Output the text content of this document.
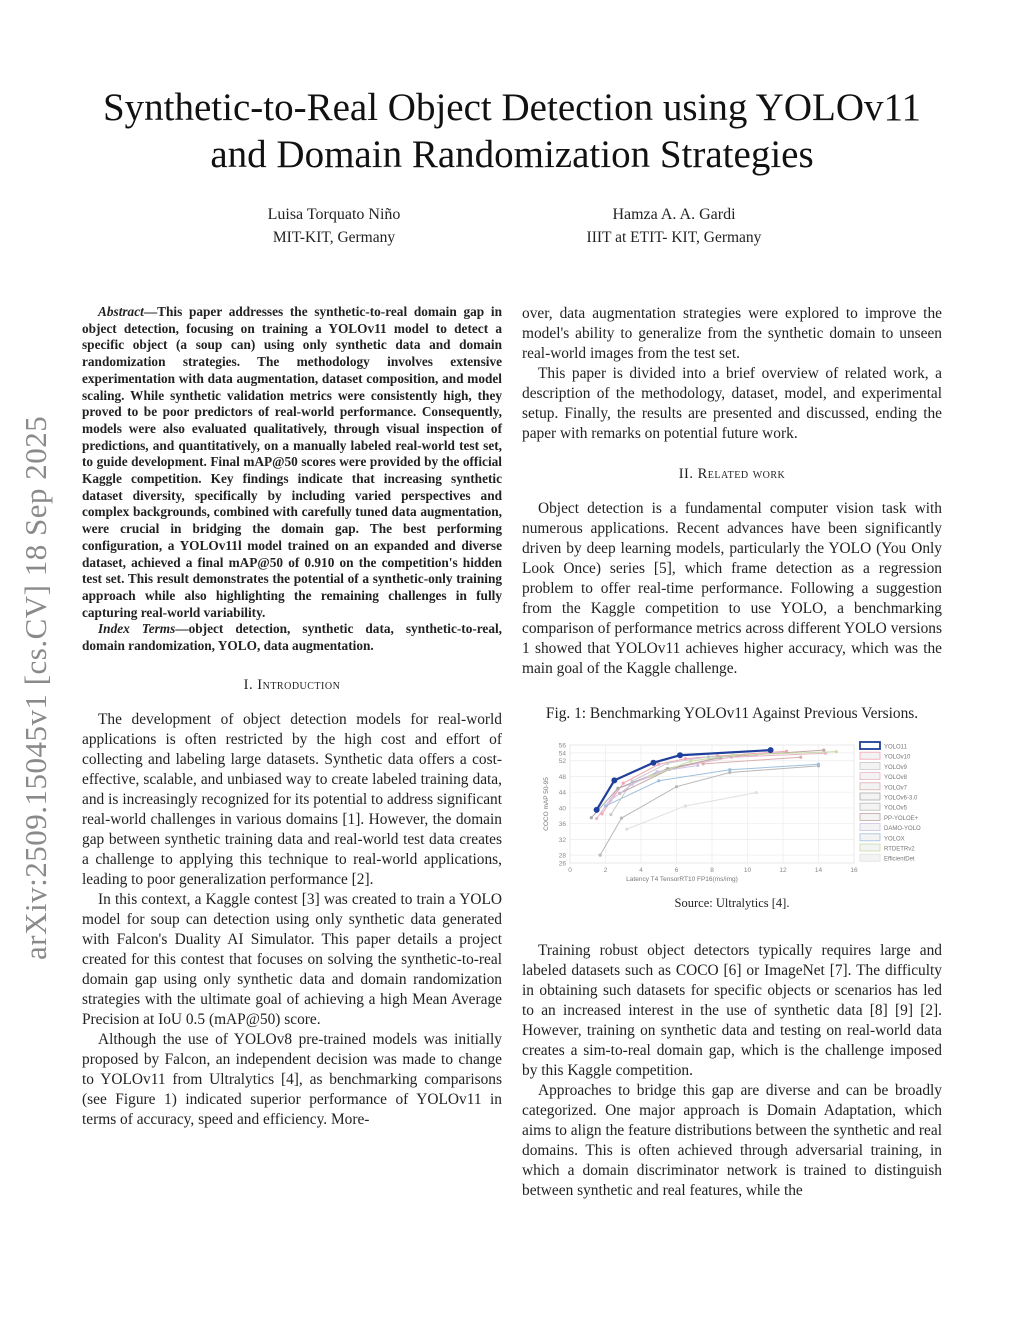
arXiv:2509.15045v1 [cs.CV] 18 Sep 2025
Synthetic-to-Real Object Detection using YOLOv11
and Domain Randomization Strategies
Luisa Torquato Niño
MIT-KIT, Germany
Hamza A. A. Gardi
IIIT at ETIT- KIT, Germany

Abstract—This paper addresses the synthetic-to-real domain gap in object detection, focusing on training a YOLOv11 model to detect a specific object (a soup can) using only synthetic data and domain randomization strategies. The methodology involves extensive experimentation with data augmentation, dataset composition, and model scaling. While synthetic validation metrics were consistently high, they proved to be poor predictors of real-world performance. Consequently, models were also evaluated qualitatively, through visual inspection of predictions, and quantitatively, on a manually labeled real-world test set, to guide development. Final mAP@50 scores were provided by the official Kaggle competition. Key findings indicate that increasing synthetic dataset diversity, specifically by including varied perspectives and complex backgrounds, combined with carefully tuned data augmentation, were crucial in bridging the domain gap. The best performing configuration, a YOLOv11l model trained on an expanded and diverse dataset, achieved a final mAP@50 of 0.910 on the competition's hidden test set. This result demonstrates the potential of a synthetic-only training approach while also highlighting the remaining challenges in fully capturing real-world variability.

Index Terms—object detection, synthetic data, synthetic-to-real, domain randomization, YOLO, data augmentation.

I. Introduction

The development of object detection models for real-world applications is often restricted by the high cost and effort of collecting and labeling large datasets. Synthetic data offers a cost-effective, scalable, and unbiased way to create labeled training data, and is increasingly recognized for its potential to address significant real-world challenges in various domains [1]. However, the domain gap between synthetic training data and real-world test data creates a challenge to applying this technique to real-world applications, leading to poor generalization performance [2].

In this context, a Kaggle contest [3] was created to train a YOLO model for soup can detection using only synthetic data generated with Falcon's Duality AI Simulator. This paper details a project created for this contest that focuses on solving the synthetic-to-real domain gap using only synthetic data and domain randomization strategies with the ultimate goal of achieving a high Mean Average Precision at IoU 0.5 (mAP@50) score.

Although the use of YOLOv8 pre-trained models was initially proposed by Falcon, an independent decision was made to change to YOLOv11 from Ultralytics [4], as benchmarking comparisons (see Figure 1) indicated superior performance of YOLOv11 in terms of accuracy, speed and efficiency. More-

over, data augmentation strategies were explored to improve the model's ability to generalize from the synthetic domain to unseen real-world images from the test set.

This paper is divided into a brief overview of related work, a description of the methodology, dataset, model, and experimental setup. Finally, the results are presented and discussed, ending the paper with remarks on potential future work.

II. Related work

Object detection is a fundamental computer vision task with numerous applications. Recent advances have been significantly driven by deep learning models, particularly the YOLO (You Only Look Once) series [5], which frame detection as a regression problem to offer real-time performance. Following a suggestion from the Kaggle competition to use YOLO, a benchmarking comparison of performance metrics across different YOLO versions 1 showed that YOLOv11 achieves higher accuracy, which was the main goal of the Kaggle challenge.

Fig. 1: Benchmarking YOLOv11 Against Previous Versions.
26
28
32
36
40
44
48
52
54
56
0	2	4	6	8	10	12	14	16
Latency T4 TensorRT10 FP16(ms/img)
COCO mAP 50-95
YOLO11
YOLOv10
YOLOv9
YOLOv8
YOLOv7
YOLOv6-3.0
YOLOv5
PP-YOLOE+
DAMO-YOLO
YOLOX
RTDETRv2
EfficientDet
Source: Ultralytics [4].

Training robust object detectors typically requires large and labeled datasets such as COCO [6] or ImageNet [7]. The difficulty in obtaining such datasets for specific objects or scenarios has led to an increased interest in the use of synthetic data [8] [9] [2]. However, training on synthetic data and testing on real-world data creates a sim-to-real domain gap, which is the challenge imposed by this Kaggle competition.

Approaches to bridge this gap are diverse and can be broadly categorized. One major approach is Domain Adaptation, which aims to align the feature distributions between the synthetic and real domains. This is often achieved through adversarial training, in which a domain discriminator network is trained to distinguish between synthetic and real features, while the
